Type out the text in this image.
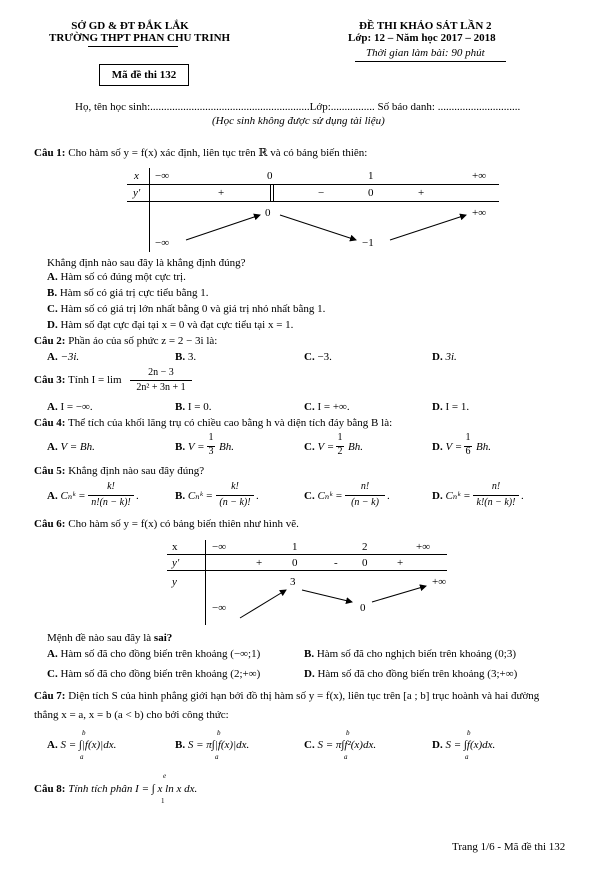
SỞ GD & ĐT ĐẮK LẮK
TRƯỜNG THPT PHAN CHU TRINH
ĐỀ THI KHẢO SÁT LẦN 2
Lớp: 12 – Năm học 2017 – 2018
Thời gian làm bài: 90 phút
Mã đề thi 132
Họ, tên học sinh:..........................................................Lớp:................ Số báo danh: ..............................
(Học sinh không được sử dụng tài liệu)
Câu 1: Cho hàm số y = f(x) xác định, liên tục trên ℝ và có bảng biến thiên:
x −∞	0	1	+∞
y′	+	−	0	+
0	+∞
−∞	−1
Khẳng định nào sau đây là khẳng định đúng?
A. Hàm số có đúng một cực trị.
B. Hàm số có giá trị cực tiểu bằng 1.
C. Hàm số có giá trị lớn nhất bằng 0 và giá trị nhỏ nhất bằng 1.
D. Hàm số đạt cực đại tại x = 0 và đạt cực tiểu tại x = 1.
Câu 2: Phần ảo của số phức z = 2 − 3i là:
A. −3i.	B. 3.	C. −3.	D. 3i.
Câu 3: Tính I = lim
2n − 3
2n² + 3n + 1
A. I = −∞.	B. I = 0.	C. I = +∞.	D. I = 1.
Câu 4: Thể tích của khối lăng trụ có chiều cao bằng h và diện tích đáy bằng B là:
A. V = Bh.	B. V =
1
3 Bh.	C. V =
1
2 Bh.	D. V =
1
6 Bh.
Câu 5: Khẳng định nào sau đây đúng?
A. Cₙᵏ =
k!
n!(n − k)!
.	B. Cₙᵏ =
k!
(n − k)!
.	C. Cₙᵏ =
n!
(n − k)
.	D. Cₙᵏ =
n!
k!(n − k)!
.
Câu 6: Cho hàm số y = f(x) có bảng biến thiên như hình vẽ.
x	−∞	1	2	+∞
y'	+	0	- 0	+
y	3	+∞
−∞	0
Mệnh đề nào sau đây là sai?
A. Hàm số đã cho đồng biến trên khoảng (−∞;1)	B. Hàm số đã cho nghịch biến trên khoảng (0;3)
C. Hàm số đã cho đồng biến trên khoảng (2;+∞)	D. Hàm số đã cho đồng biến trên khoảng (3;+∞)
Câu 7: Diện tích S của hình phẳng giới hạn bởi đồ thị hàm số y = f(x), liên tục trên [a ; b] trục hoành và hai đường
thẳng x = a, x = b (a < b) cho bởi công thức:
A. S = ∫|f(x)|dx.
b
a
B. S = π∫|f(x)|dx.
b
a
C. S = π∫f²(x)dx.
b
a
D. S = ∫f(x)dx.
b
a
Câu 8: Tính tích phân I = ∫ x ln x dx.
e
1
Trang 1/6 - Mã đề thi 132
